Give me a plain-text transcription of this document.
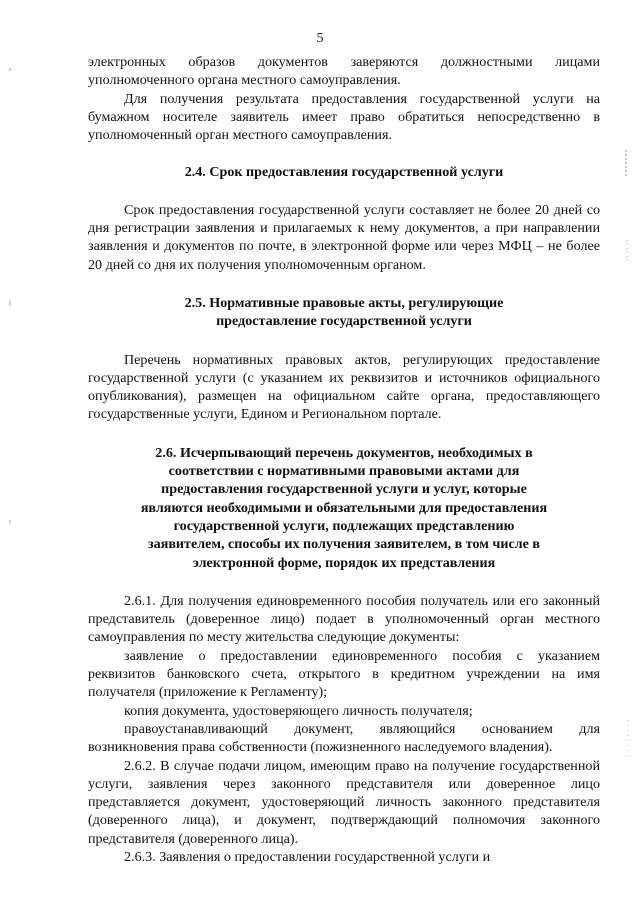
5

электронных образов документов заверяются должностными лицами уполномоченного органа местного самоуправления.

Для получения результата предоставления государственной услуги на бумажном носителе заявитель имеет право обратиться непосредственно в уполномоченный орган местного самоуправления.

2.4. Срок предоставления государственной услуги

Срок предоставления государственной услуги составляет не более 20 дней со дня регистрации заявления и прилагаемых к нему документов, а при направлении заявления и документов по почте, в электронной форме или через МФЦ – не более 20 дней со дня их получения уполномоченным органом.

2.5. Нормативные правовые акты, регулирующие предоставление государственной услуги

Перечень нормативных правовых актов, регулирующих предоставление государственной услуги (с указанием их реквизитов и источников официального опубликования), размещен на официальном сайте органа, предоставляющего государственные услуги, Едином и Региональном портале.

2.6. Исчерпывающий перечень документов, необходимых в соответствии с нормативными правовыми актами для предоставления государственной услуги и услуг, которые являются необходимыми и обязательными для предоставления государственной услуги, подлежащих представлению заявителем, способы их получения заявителем, в том числе в электронной форме, порядок их представления

2.6.1. Для получения единовременного пособия получатель или его законный представитель (доверенное лицо) подает в уполномоченный орган местного самоуправления по месту жительства следующие документы:

заявление о предоставлении единовременного пособия с указанием реквизитов банковского счета, открытого в кредитном учреждении на имя получателя (приложение к Регламенту);

копия документа, удостоверяющего личность получателя;

правоустанавливающий документ, являющийся основанием для возникновения права собственности (пожизненного наследуемого владения).

2.6.2. В случае подачи лицом, имеющим право на получение государственной услуги, заявления через законного представителя или доверенное лицо представляется документ, удостоверяющий личность законного представителя (доверенного лица), и документ, подтверждающий полномочия законного представителя (доверенного лица).

2.6.3. Заявления о предоставлении государственной услуги и
